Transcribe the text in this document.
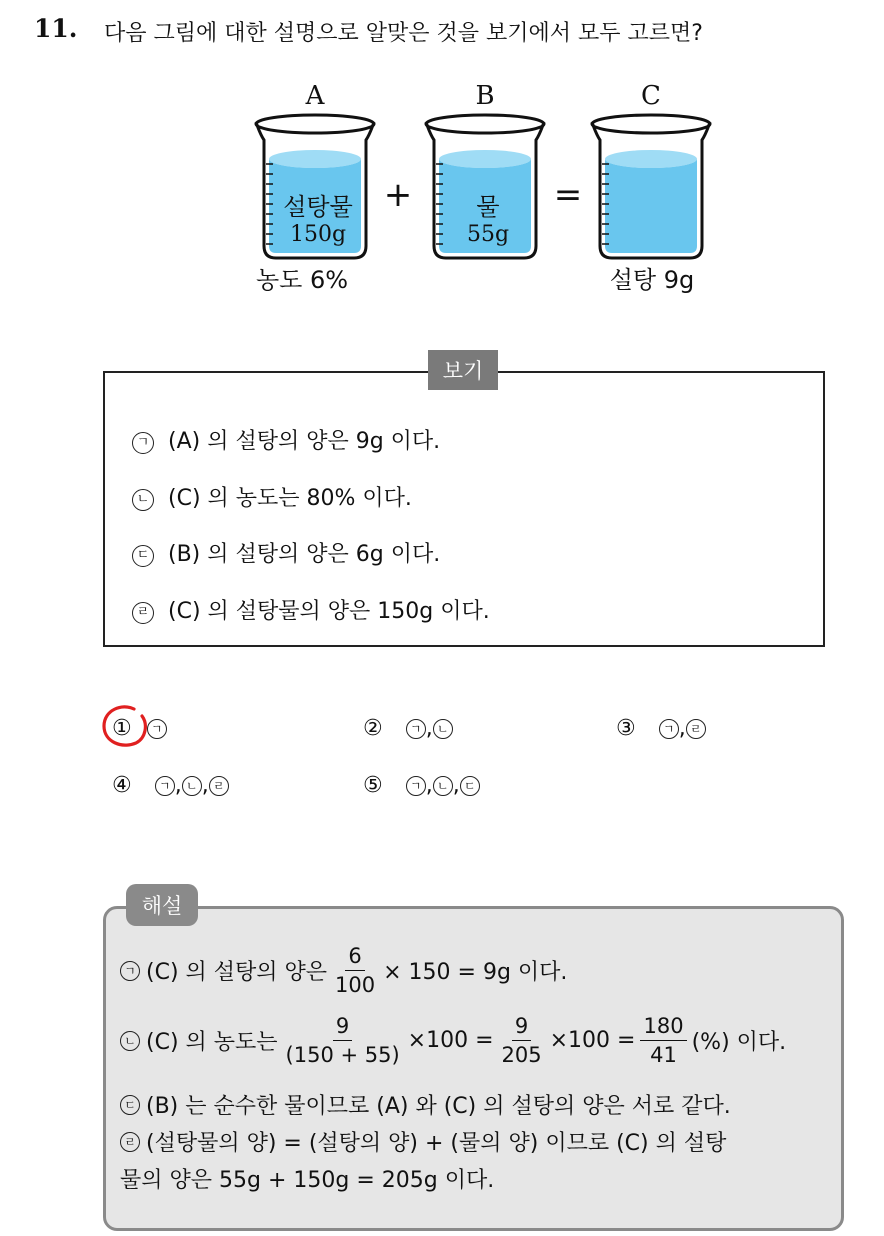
11. 다음 그림에 대한 설명으로 알맞은 것을 보기에서 모두 고르면?
A	B	C
설탕물
150g
물
55g
+	=
농도 6%	설탕 9g
보기
ㄱ (A) 의 설탕의 양은 9g 이다.
ㄴ (C) 의 농도는 80% 이다.
ㄷ (B) 의 설탕의 양은 6g 이다.
ㄹ (C) 의 설탕물의 양은 150g 이다.
① ㄱ	② ㄱ , ㄴ	③ ㄱ , ㄹ
④ ㄱ , ㄴ , ㄹ	⑤ ㄱ , ㄴ , ㄷ
해설
ㄱ (C) 의 설탕의 양은 $\frac{6}{100} \times 150 = 9g$ 이다.
ㄴ (C) 의 농도는 $\frac{9}{(150 + 55)} \times 100 = \frac{9}{205} \times 100 = \frac{180}{41}$ (%) 이다.
ㄷ (B) 는 순수한 물이므로 (A) 와 (C) 의 설탕의 양은 서로 같다.
ㄹ (설탕물의 양) = (설탕의 양) + (물의 양) 이므로 (C) 의 설탕
물의 양은 55g + 150g = 205g 이다.
